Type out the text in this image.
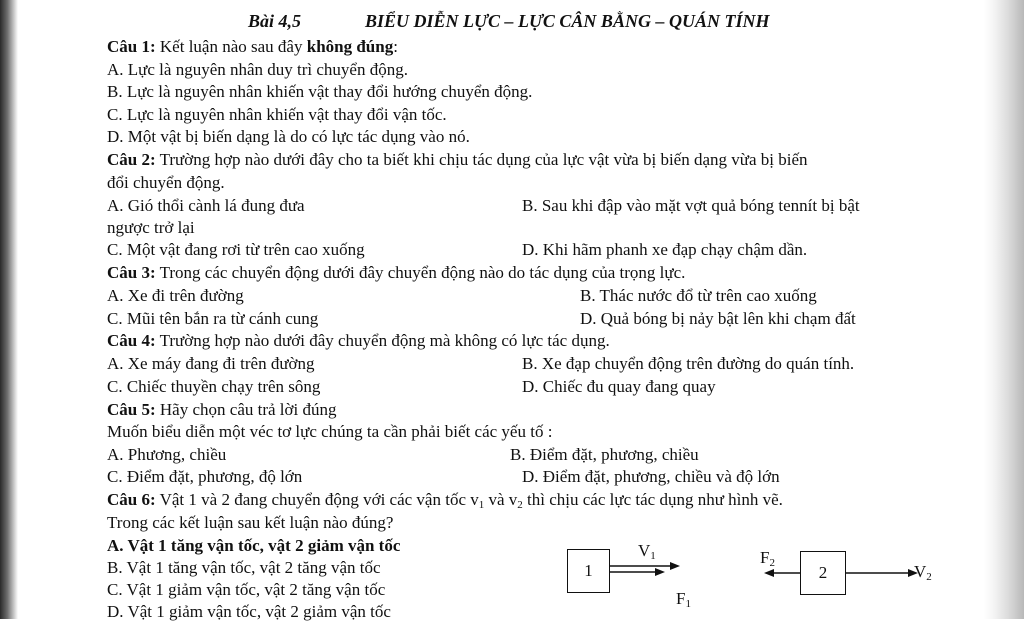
Bài 4,5	BIỂU DIỄN LỰC – LỰC CÂN BẰNG – QUÁN TÍNH
Câu 1: Kết luận nào sau đây không đúng:
A. Lực là nguyên nhân duy trì chuyển động.
B. Lực là nguyên nhân khiến vật thay đổi hướng chuyển động.
C. Lực là nguyên nhân khiến vật thay đổi vận tốc.
D. Một vật bị biến dạng là do có lực tác dụng vào nó.
Câu 2: Trường hợp nào dưới đây cho ta biết khi chịu tác dụng của lực vật vừa bị biến dạng vừa bị biến
đổi chuyển động.
A. Gió thổi cành lá đung đưa	B. Sau khi đập vào mặt vợt quả bóng tennít bị bật
ngược trở lại
C. Một vật đang rơi từ trên cao xuống	D. Khi hãm phanh xe đạp chạy chậm dần.
Câu 3: Trong các chuyển động dưới đây chuyển động nào do tác dụng của trọng lực.
A. Xe đi trên đường	B. Thác nước đổ từ trên cao xuống
C. Mũi tên bắn ra từ cánh cung	D. Quả bóng bị nảy bật lên khi chạm đất
Câu 4: Trường hợp nào dưới đây chuyển động mà không có lực tác dụng.
A. Xe máy đang đi trên đường	B. Xe đạp chuyển động trên đường do quán tính.
C. Chiếc thuyền chạy trên sông	D. Chiếc đu quay đang quay
Câu 5: Hãy chọn câu trả lời đúng
Muốn biểu diễn một véc tơ lực chúng ta cần phải biết các yếu tố :
A. Phương, chiều	B. Điểm đặt, phương, chiều
C. Điểm đặt, phương, độ lớn	D. Điểm đặt, phương, chiều và độ lớn
Câu 6: Vật 1 và 2 đang chuyển động với các vận tốc $v_1$ và $v_2$ thì chịu các lực tác dụng như hình vẽ.
Trong các kết luận sau kết luận nào đúng?
A. Vật 1 tăng vận tốc, vật 2 giảm vận tốc
B. Vật 1 tăng vận tốc, vật 2 tăng vận tốc
C. Vật 1 giảm vận tốc, vật 2 tăng vận tốc
D. Vật 1 giảm vận tốc, vật 2 giảm vận tốc
1	2
$V_1$
$F_1$
$F_2$	$V_2$
